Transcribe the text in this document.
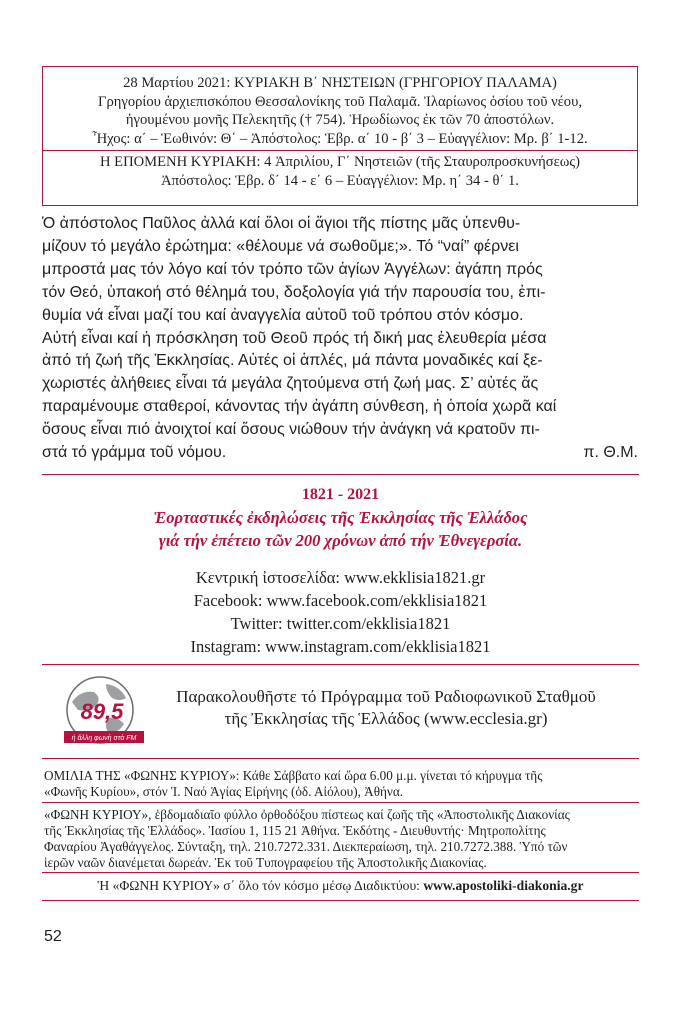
28 Μαρτίου 2021: ΚΥΡΙΑΚΗ Β΄ ΝΗΣΤΕΙΩΝ (ΓΡΗΓΟΡΙΟΥ ΠΑΛΑΜΑ)
Γρηγορίου ἀρχιεπισκόπου Θεσσαλονίκης τοῦ Παλαμᾶ. Ἰλαρίωνος ὁσίου τοῦ νέου,
ἡγουμένου μονῆς Πελεκητῆς († 754). Ἡρωδίωνος ἐκ τῶν 70 ἀποστόλων.
Ἦχος: α΄ – Ἑωθινόν: Θ΄ – Ἀπόστολος: Ἑβρ. α΄ 10 - β΄ 3 – Εὐαγγέλιον: Μρ. β΄ 1-12.
Η ΕΠΟΜΕΝΗ ΚΥΡΙΑΚΗ: 4 Ἀπριλίου, Γ΄ Νηστειῶν (τῆς Σταυροπροσκυνήσεως)
Ἀπόστολος: Ἑβρ. δ΄ 14 - ε΄ 6 – Εὐαγγέλιον: Μρ. η΄ 34 - θ΄ 1.
Ὁ ἀπόστολος Παῦλος ἀλλά καί ὅλοι οἱ ἅγιοι τῆς πίστης μᾶς ὑπενθυ-
μίζουν τό μεγάλο ἐρώτημα: «θέλουμε νά σωθοῦμε;». Τό “ναί” φέρνει
μπροστά μας τόν λόγο καί τόν τρόπο τῶν ἁγίων Ἀγγέλων: ἀγάπη πρός
τόν Θεό, ὑπακοή στό θέλημά του, δοξολογία γιά τήν παρουσία του, ἐπι-
θυμία νά εἶναι μαζί του καί ἀναγγελία αὐτοῦ τοῦ τρόπου στόν κόσμο.
Αὐτή εἶναι καί ἡ πρόσκληση τοῦ Θεοῦ πρός τή δική μας ἐλευθερία μέσα
ἀπό τή ζωή τῆς Ἐκκλησίας. Αὐτές οἱ ἁπλές, μά πάντα μοναδικές καί ξε-
χωριστές ἀλήθειες εἶναι τά μεγάλα ζητούμενα στή ζωή μας. Σ’ αὐτές ἄς
παραμένουμε σταθεροί, κάνοντας τήν ἀγάπη σύνθεση, ἡ ὁποία χωρᾶ καί
ὅσους εἶναι πιό ἀνοιχτοί καί ὅσους νιώθουν τήν ἀνάγκη νά κρατοῦν πι-
στά τό γράμμα τοῦ νόμου.	π. Θ.Μ.
1821 - 2021
Ἑορταστικές ἐκδηλώσεις τῆς Ἐκκλησίας τῆς Ἑλλάδος
γιά τήν ἐπέτειο τῶν 200 χρόνων ἀπό τήν Ἐθνεγερσία.
Κεντρική ἰστοσελίδα: www.ekklisia1821.gr
Facebook: www.facebook.com/ekklisia1821
Twitter: twitter.com/ekklisia1821
Instagram: www.instagram.com/ekklisia1821
89,5
ἡ ἄλλη φωνὴ στὰ FM
Παρακολουθῆστε τό Πρόγραμμα τοῦ Ραδιοφωνικοῦ Σταθμοῦ
τῆς Ἐκκλησίας τῆς Ἑλλάδος (www.ecclesia.gr)
ΟΜΙΛΙΑ ΤΗΣ «ΦΩΝΗΣ ΚΥΡΙΟΥ»: Κάθε Σάββατο καί ὥρα 6.00 μ.μ. γίνεται τό κήρυγμα τῆς
«Φωνῆς Κυρίου», στόν Ἱ. Ναό Ἁγίας Εἰρήνης (ὁδ. Αἰόλου), Ἀθήνα.
«ΦΩΝΗ ΚΥΡΙΟΥ», ἑβδομαδιαῖο φύλλο ὀρθοδόξου πίστεως καί ζωῆς τῆς «Ἀποστολικῆς Διακονίας
τῆς Ἐκκλησίας τῆς Ἑλλάδος». Ἰασίου 1, 115 21 Ἀθήνα. Ἐκδότης - Διευθυντής· Μητροπολίτης
Φαναρίου Ἀγαθάγγελος. Σύνταξη, τηλ. 210.7272.331. Διεκπεραίωση, τηλ. 210.7272.388. Ὑπό τῶν
ἱερῶν ναῶν διανέμεται δωρεάν. Ἐκ τοῦ Τυπογραφείου τῆς Ἀποστολικῆς Διακονίας.
Ἡ «ΦΩΝΗ ΚΥΡΙΟΥ» σ΄ ὅλο τόν κόσμο μέσῳ Διαδικτύου: www.apostoliki-diakonia.gr
52
